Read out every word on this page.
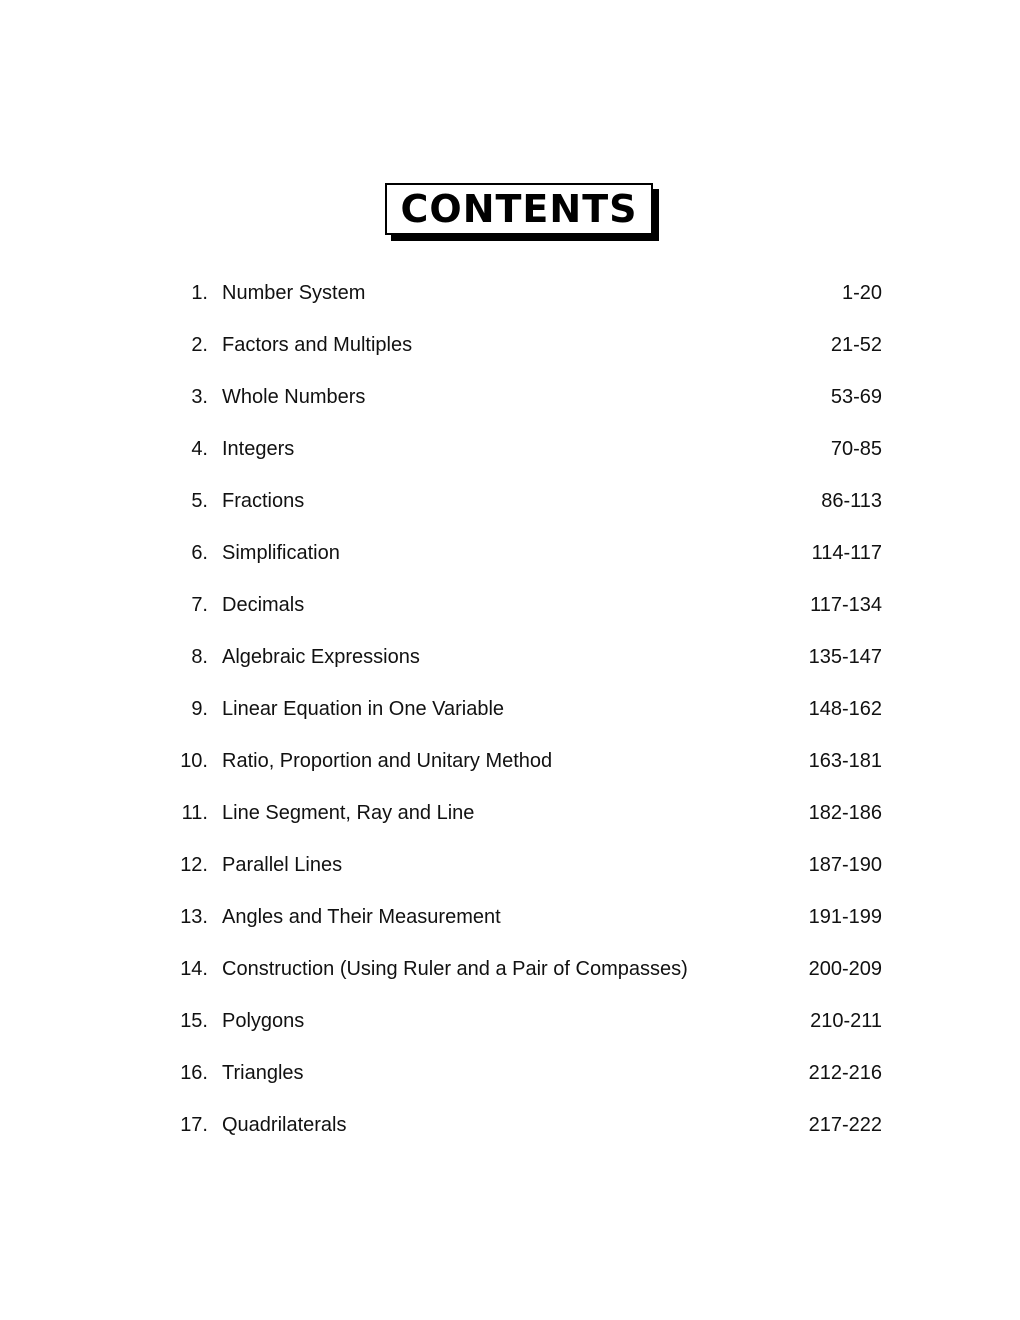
CONTENTS
1. Number System	1-20
2. Factors and Multiples	21-52
3. Whole Numbers	53-69
4. Integers	70-85
5. Fractions	86-113
6. Simplification	114-117
7. Decimals	117-134
8. Algebraic Expressions	135-147
9. Linear Equation in One Variable	148-162
10. Ratio, Proportion and Unitary Method	163-181
11. Line Segment, Ray and Line	182-186
12. Parallel Lines	187-190
13. Angles and Their Measurement	191-199
14. Construction (Using Ruler and a Pair of Compasses)	200-209
15. Polygons	210-211
16. Triangles	212-216
17. Quadrilaterals	217-222
